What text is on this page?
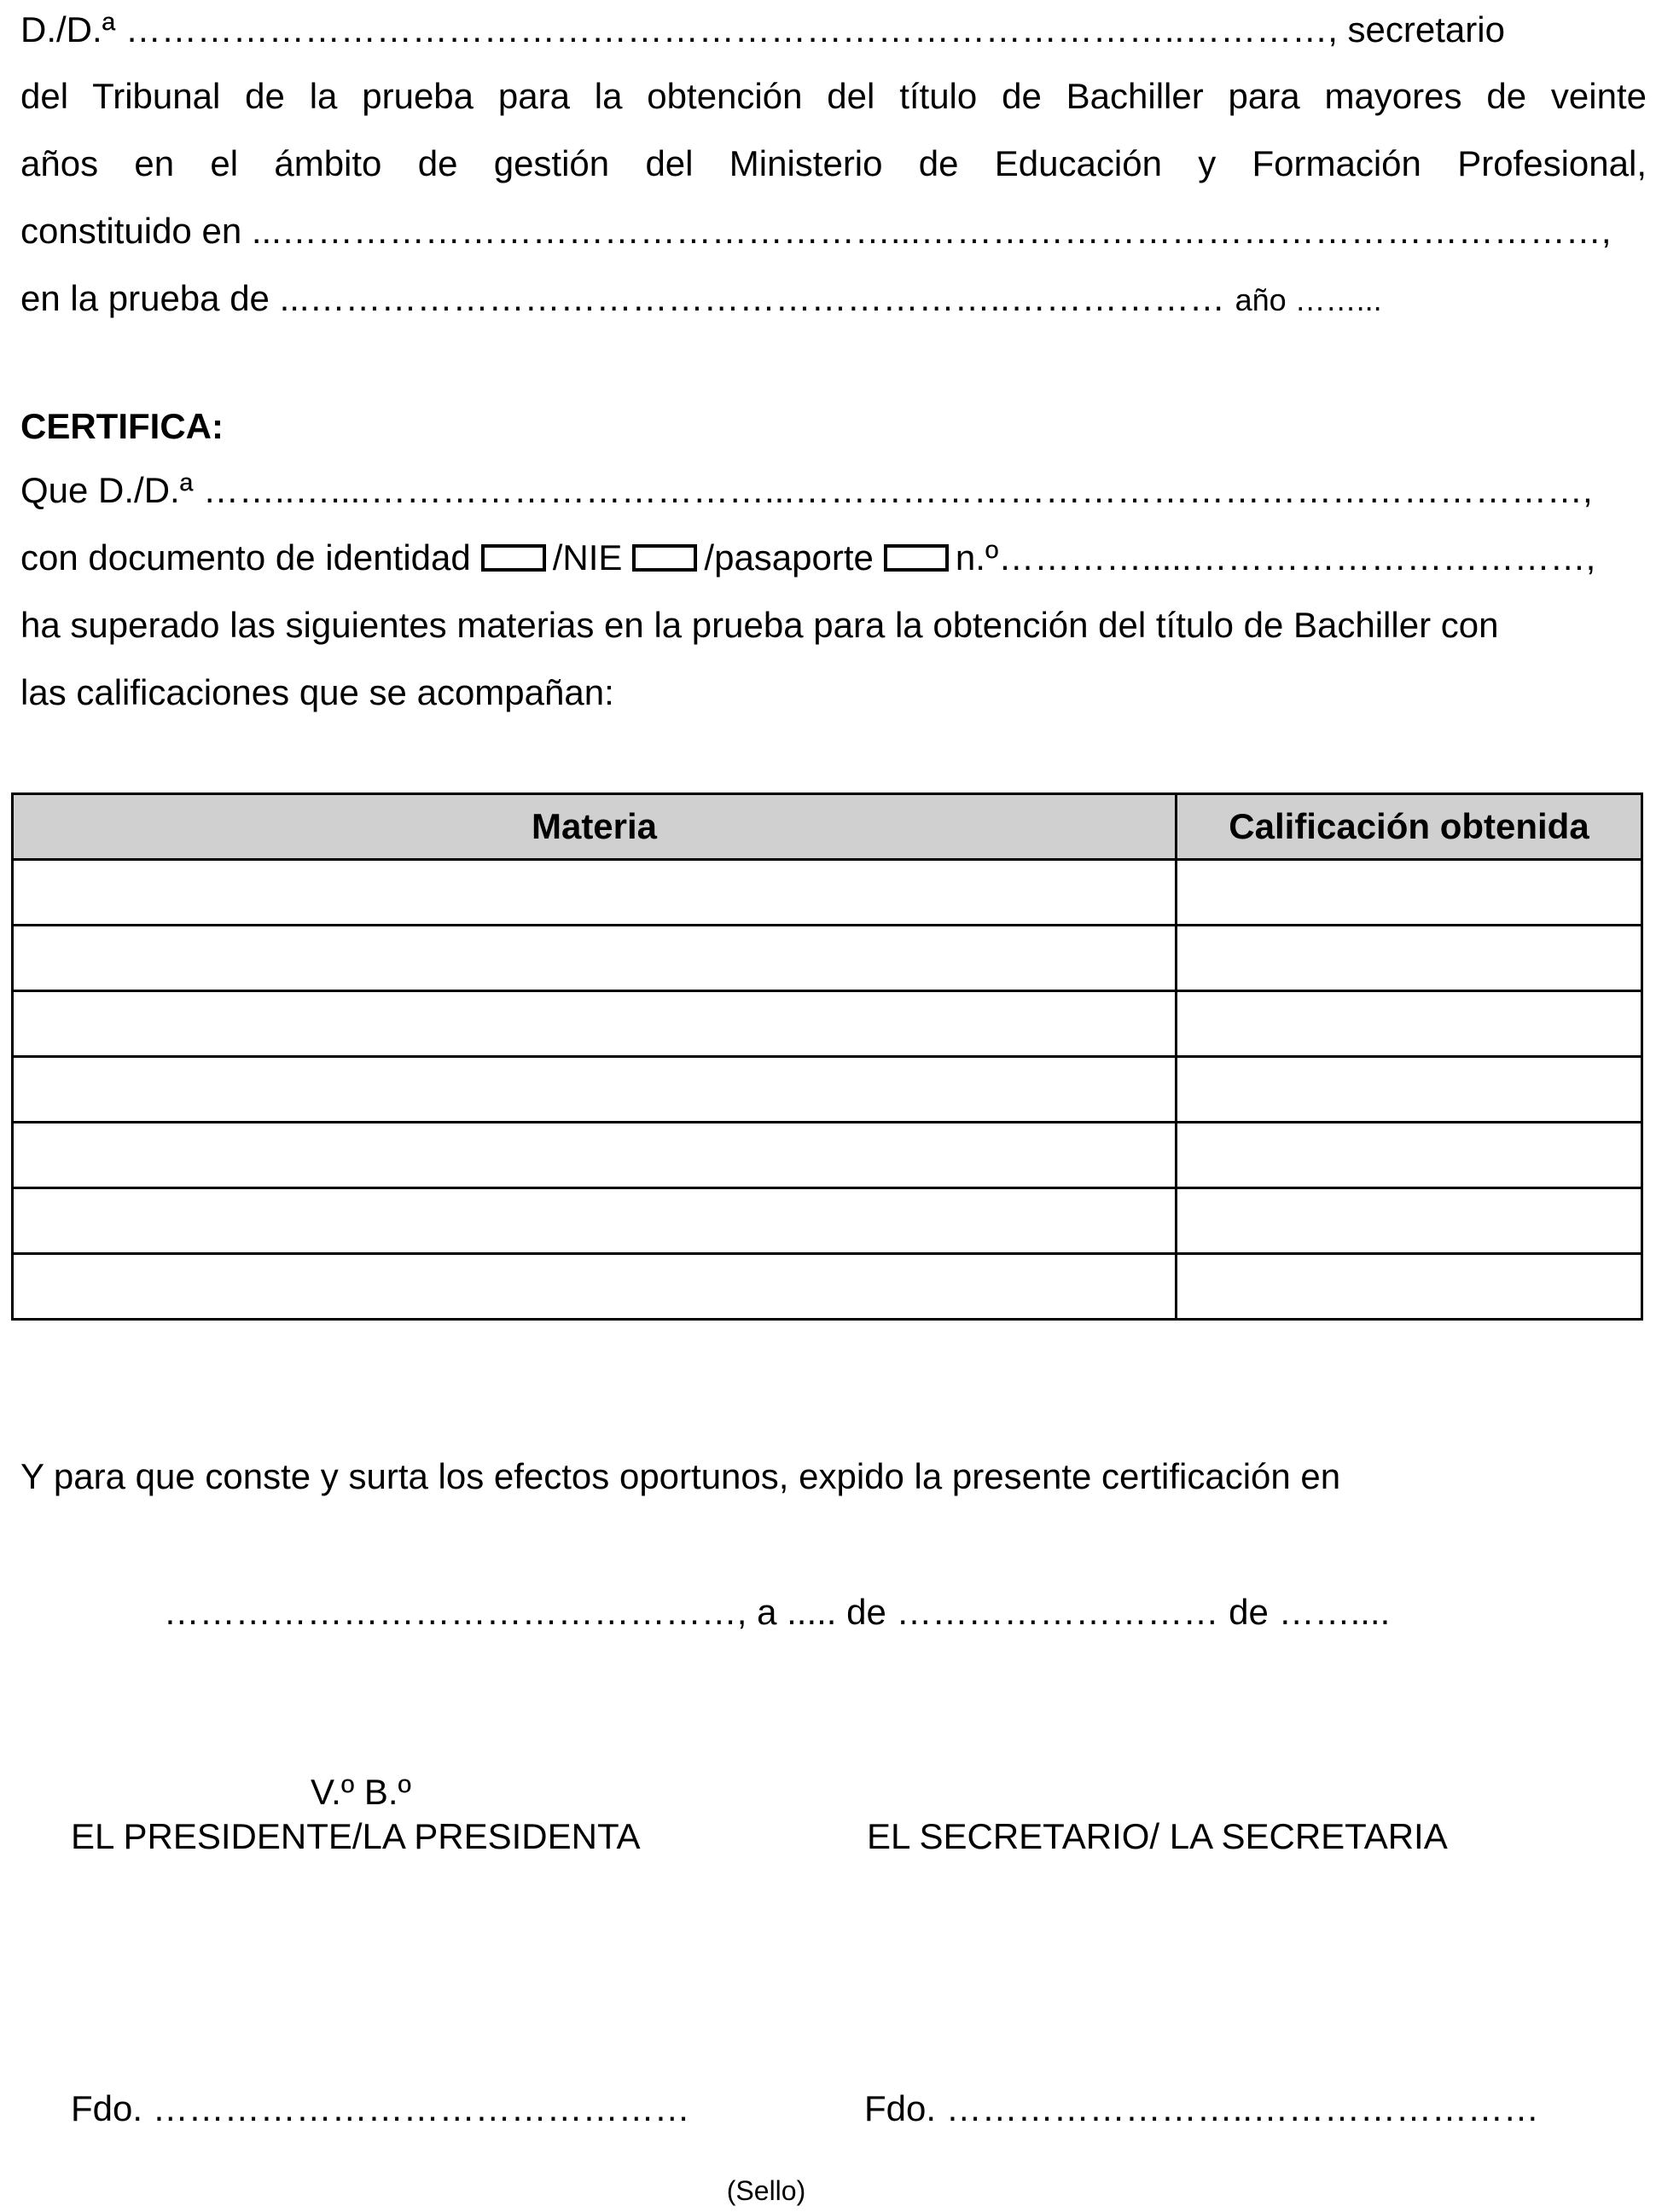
D./D.ª ……………………………………………………………………………..…………, secretario
del Tribunal de la prueba para la obtención del título de Bachiller para mayores de veinte
años en el ámbito de gestión del Ministerio de Educación y Formación Profesional,
constituido en ...……………………………………………...…………………………………………………,
en la prueba de ...…………………………………………………..……………… año ……...
CERTIFICA:
Que D./D.ª ……..…....……………………………...…………………………………………………………,
con documento de identidad /NIE /pasaporte n.º………….....……………………………,
ha superado las siguientes materias en la prueba para la obtención del título de Bachiller con
las calificaciones que se acompañan:
Materia	Calificación obtenida

Y para que conste y surta los efectos oportunos, expido la presente certificación en
…………………………………………, a ..... de ……………………… de ……....
V.º B.º
EL PRESIDENTE/LA PRESIDENTA	EL SECRETARIO/ LA SECRETARIA
Fdo. ………………………………………	Fdo. ……………………..……………………
(Sello)
